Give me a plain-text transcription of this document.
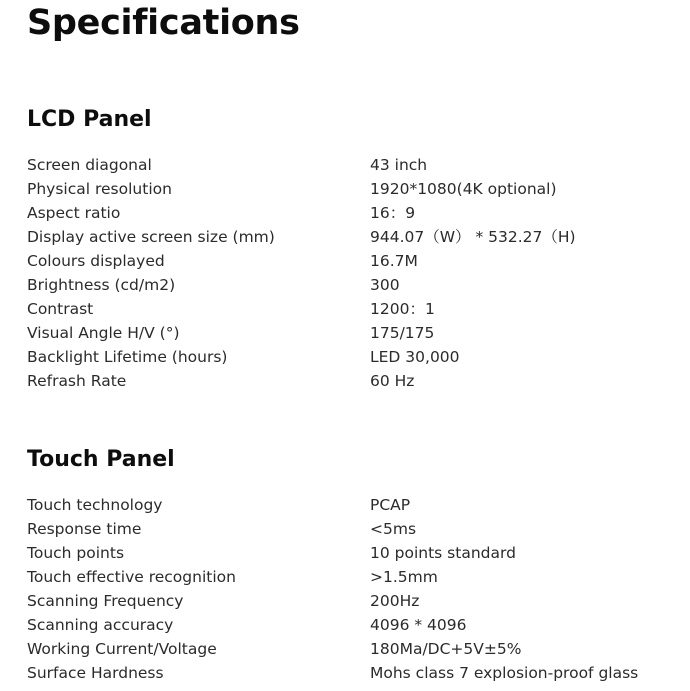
Specifications
LCD Panel
Screen diagonal	43 inch
Physical resolution	1920*1080(4K optional)
Aspect ratio	16：9
Display active screen size (mm)	944.07（W） * 532.27（H)
Colours displayed	16.7M
Brightness (cd/m2)	300
Contrast	1200：1
Visual Angle H/V (°)	175/175
Backlight Lifetime (hours)	LED 30,000
Refrash Rate	60 Hz
Touch Panel
Touch technology	PCAP
Response time	<5ms
Touch points	10 points standard
Touch effective recognition	>1.5mm
Scanning Frequency	200Hz
Scanning accuracy	4096 * 4096
Working Current/Voltage	180Ma/DC+5V±5%
Surface Hardness	Mohs class 7 explosion-proof glass
